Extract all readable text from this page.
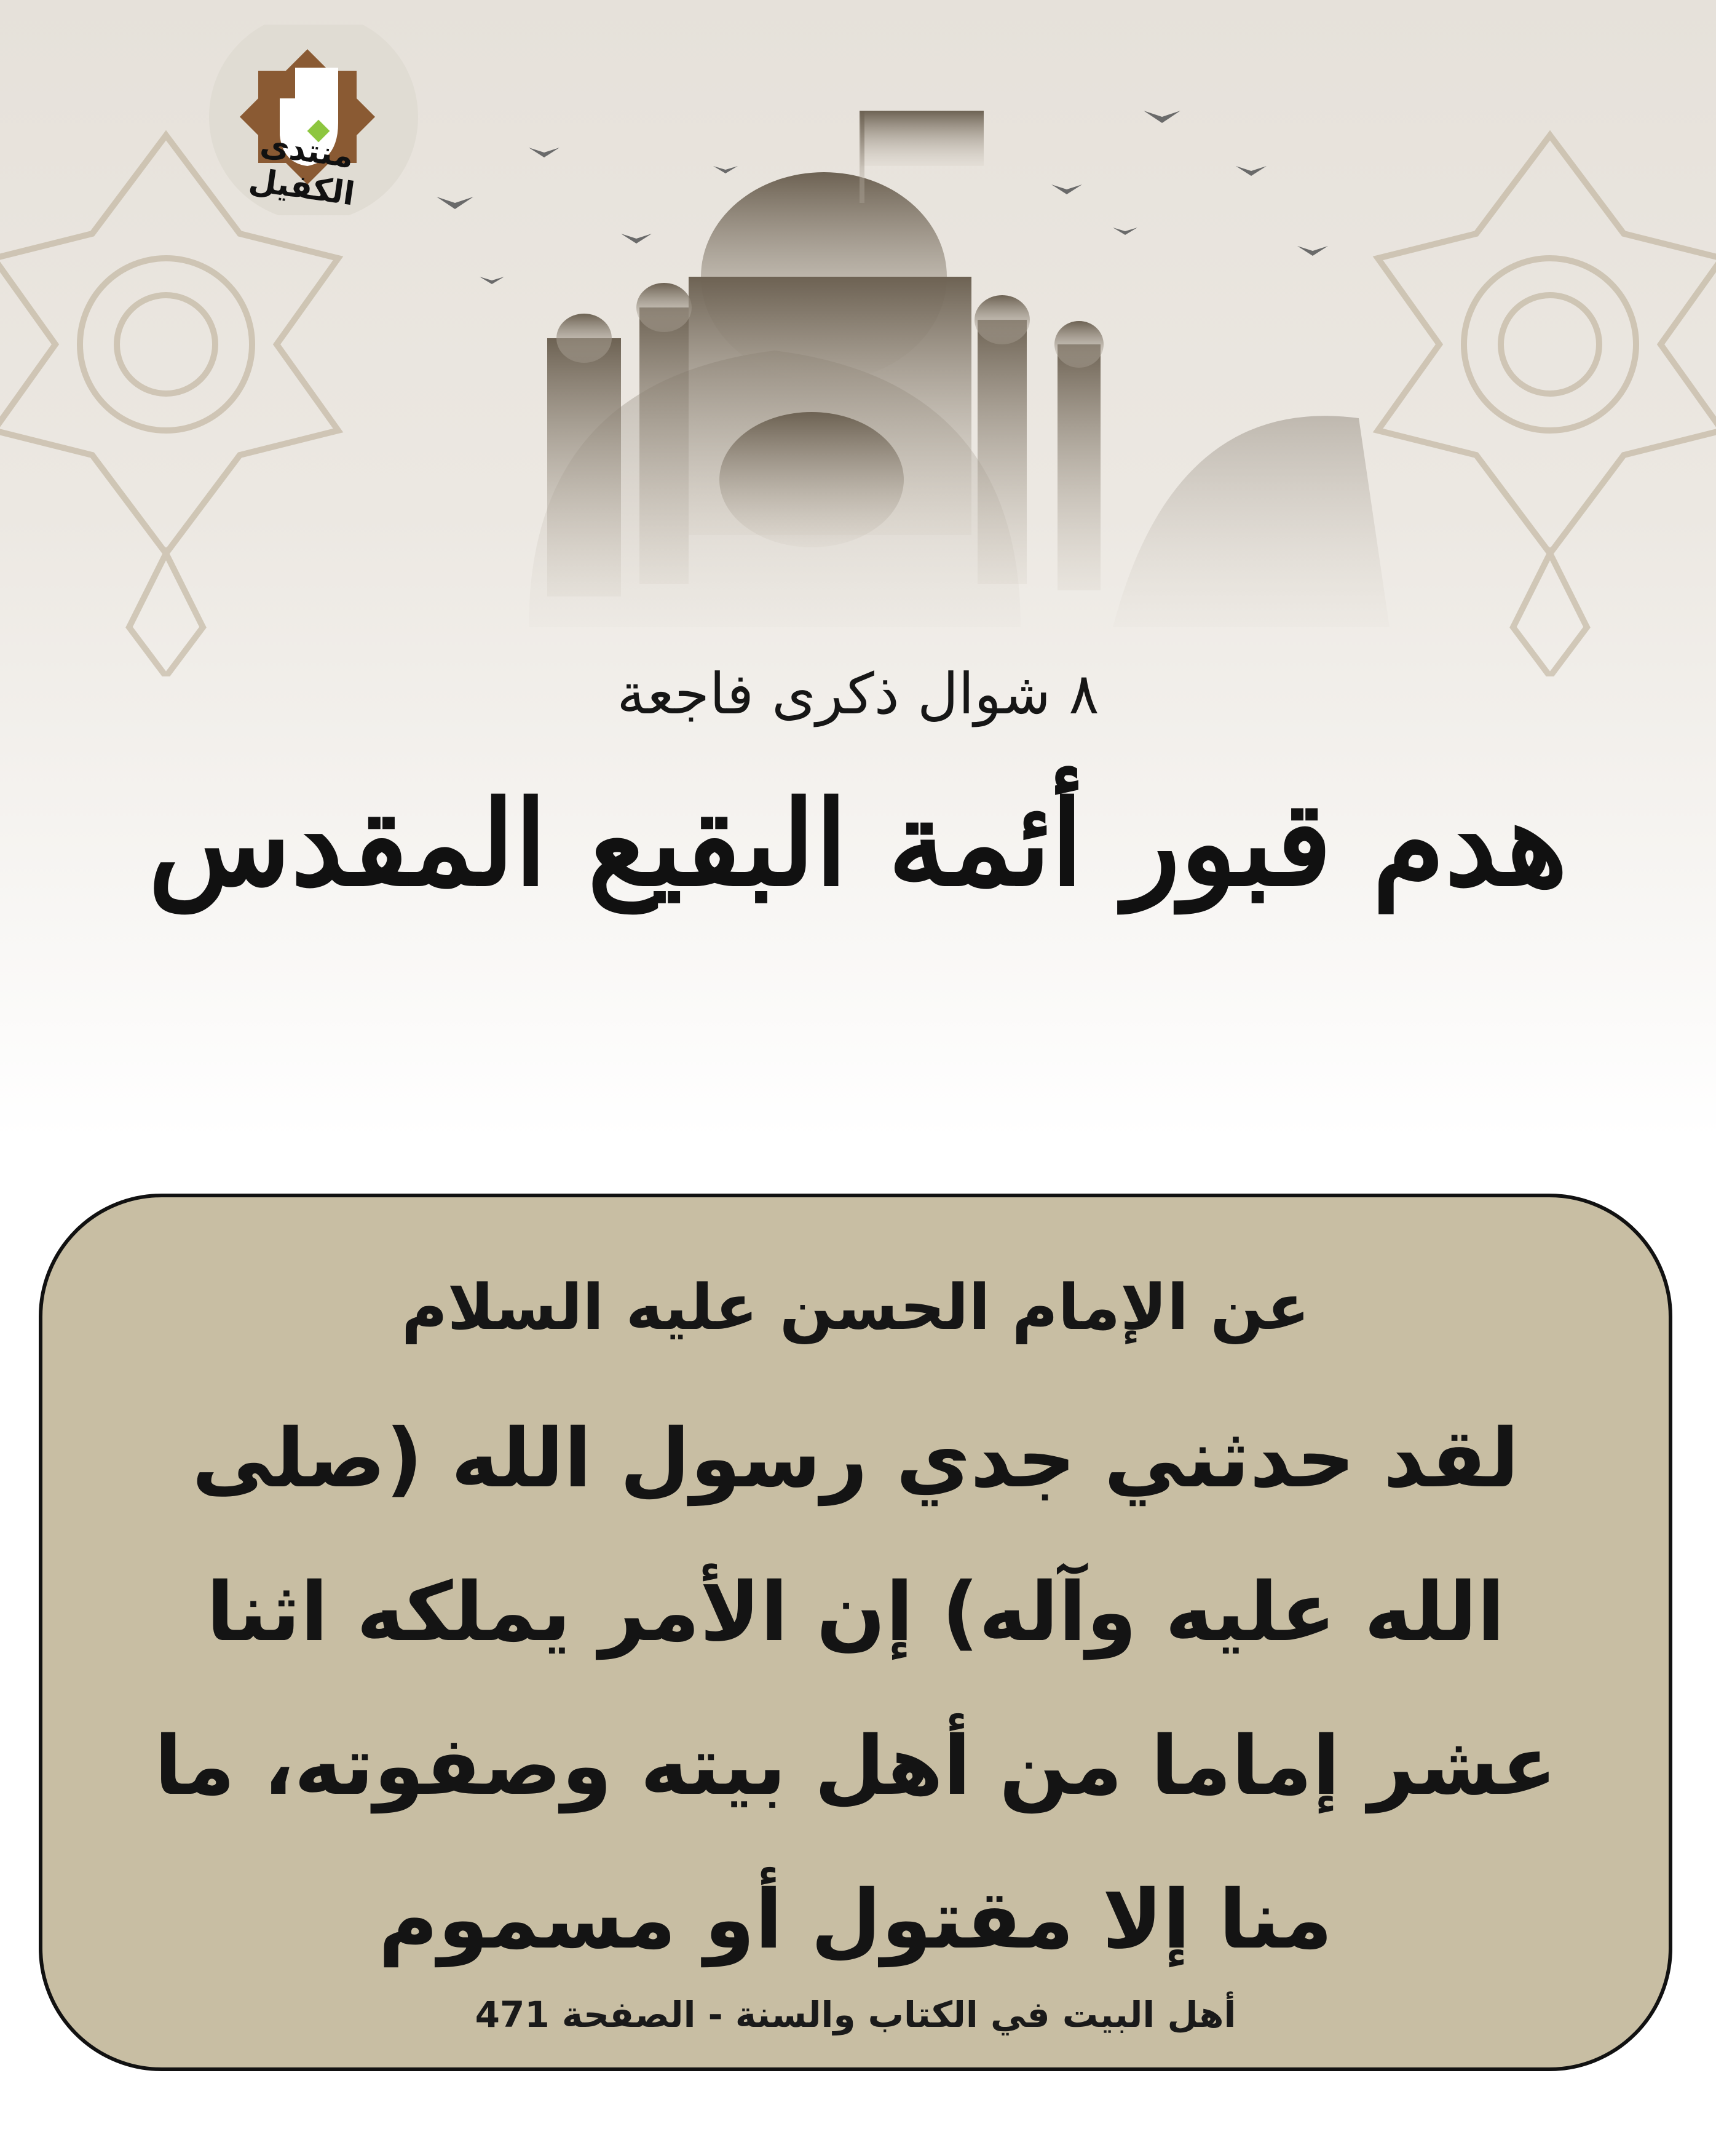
منتدى الكفيل
٨ شوال ذكرى فاجعة
هدم قبور أئمة البقيع المقدس
عن الإمام الحسن عليه السلام
لقد حدثني جدي رسول الله (صلى الله عليه وآله) إن الأمر يملكه اثنا عشر إماما من أهل بيته وصفوته، ما منا إلا مقتول أو مسموم
أهل البيت في الكتاب والسنة - الصفحة 471
